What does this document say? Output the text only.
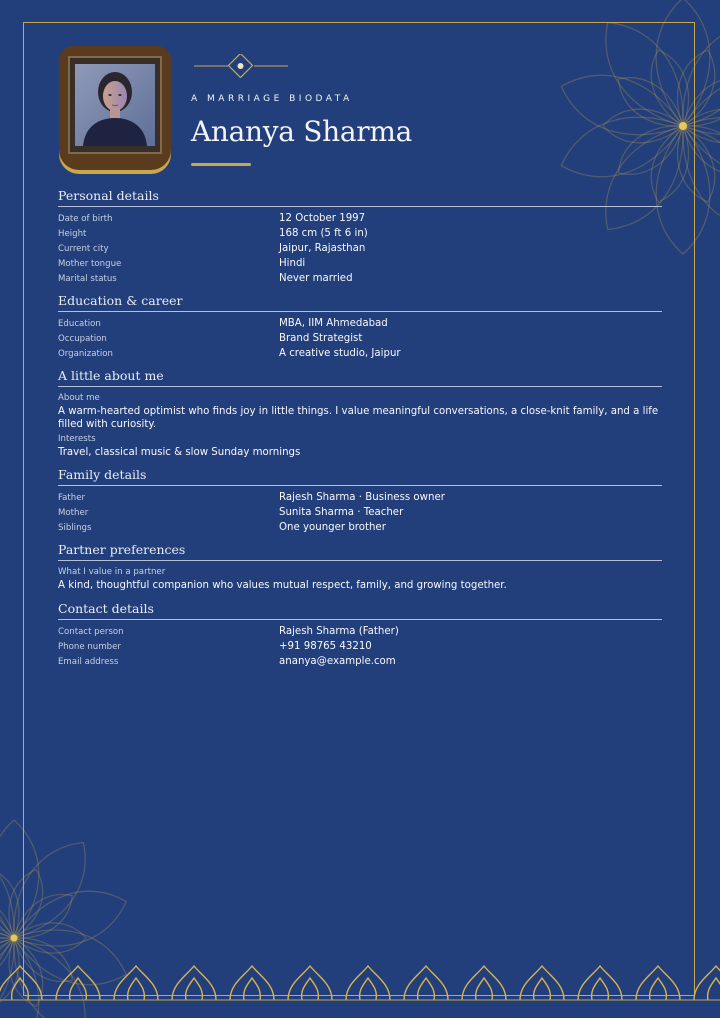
A MARRIAGE BIODATA
Ananya Sharma
Personal details
Date of birth	12 October 1997
Height	168 cm (5 ft 6 in)
Current city	Jaipur, Rajasthan
Mother tongue	Hindi
Marital status	Never married
Education & career
Education	MBA, IIM Ahmedabad
Occupation	Brand Strategist
Organization	A creative studio, Jaipur
A little about me
About me
A warm-hearted optimist who finds joy in little things. I value meaningful conversations, a close-knit family, and a life filled with curiosity.
Interests
Travel, classical music & slow Sunday mornings
Family details
Father	Rajesh Sharma · Business owner
Mother	Sunita Sharma · Teacher
Siblings	One younger brother
Partner preferences
What I value in a partner
A kind, thoughtful companion who values mutual respect, family, and growing together.
Contact details
Contact person	Rajesh Sharma (Father)
Phone number	+91 98765 43210
Email address	ananya@example.com
